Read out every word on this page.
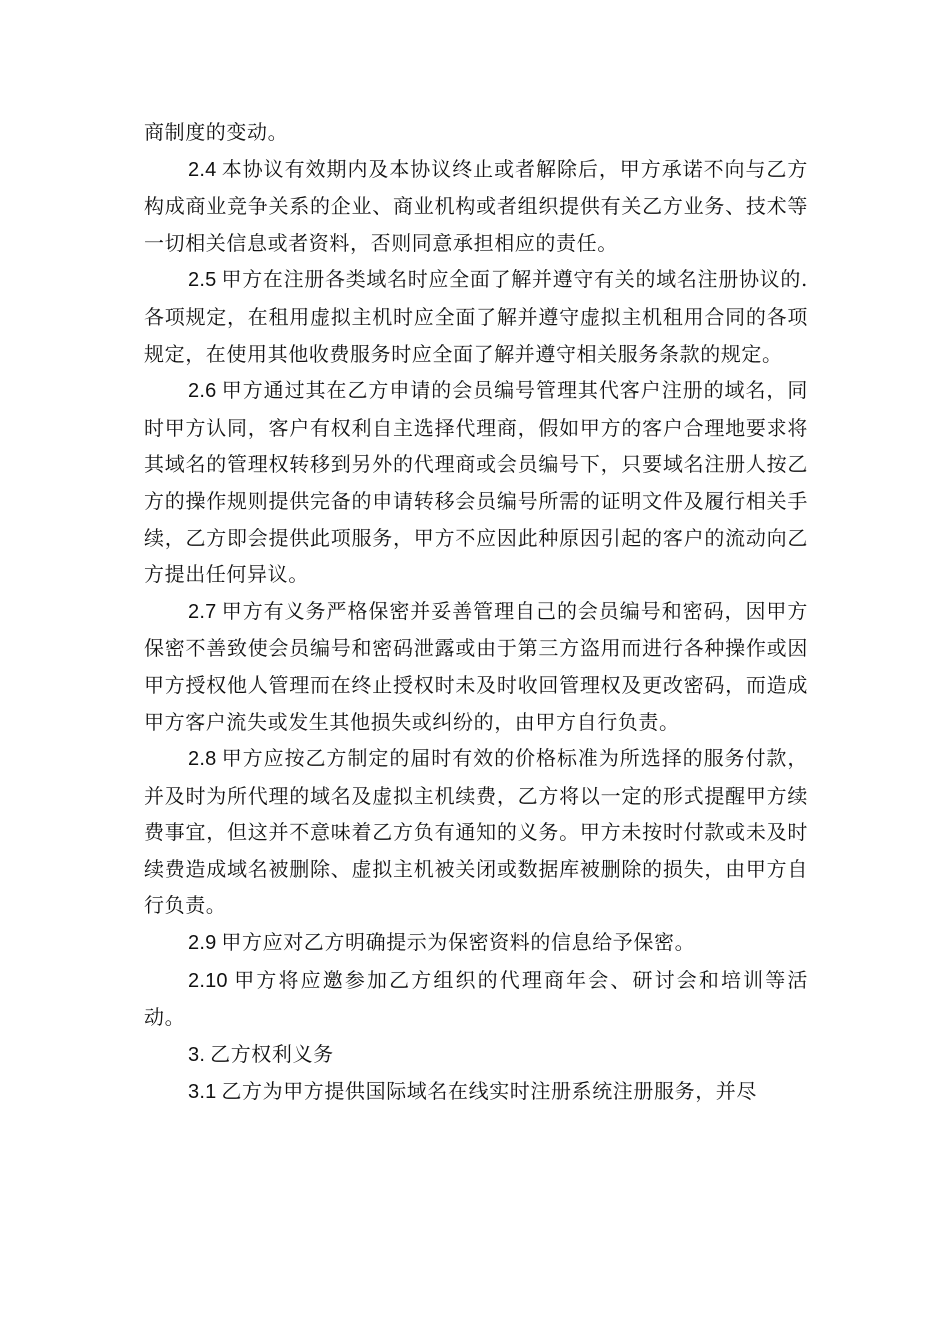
商制度的变动。

2.4 本协议有效期内及本协议终止或者解除后，甲方承诺不向与乙方构成商业竞争关系的企业、商业机构或者组织提供有关乙方业务、技术等一切相关信息或者资料，否则同意承担相应的责任。

2.5 甲方在注册各类域名时应全面了解并遵守有关的域名注册协议的.各项规定，在租用虚拟主机时应全面了解并遵守虚拟主机租用合同的各项规定，在使用其他收费服务时应全面了解并遵守相关服务条款的规定。

2.6 甲方通过其在乙方申请的会员编号管理其代客户注册的域名，同时甲方认同，客户有权利自主选择代理商，假如甲方的客户合理地要求将其域名的管理权转移到另外的代理商或会员编号下，只要域名注册人按乙方的操作规则提供完备的申请转移会员编号所需的证明文件及履行相关手续，乙方即会提供此项服务，甲方不应因此种原因引起的客户的流动向乙方提出任何异议。

2.7 甲方有义务严格保密并妥善管理自己的会员编号和密码，因甲方保密不善致使会员编号和密码泄露或由于第三方盗用而进行各种操作或因甲方授权他人管理而在终止授权时未及时收回管理权及更改密码，而造成甲方客户流失或发生其他损失或纠纷的，由甲方自行负责。

2.8 甲方应按乙方制定的届时有效的价格标准为所选择的服务付款，并及时为所代理的域名及虚拟主机续费，乙方将以一定的形式提醒甲方续费事宜，但这并不意味着乙方负有通知的义务。甲方未按时付款或未及时续费造成域名被删除、虚拟主机被关闭或数据库被删除的损失，由甲方自行负责。

2.9 甲方应对乙方明确提示为保密资料的信息给予保密。

2.10 甲方将应邀参加乙方组织的代理商年会、研讨会和培训等活动。

3. 乙方权利义务

3.1 乙方为甲方提供国际域名在线实时注册系统注册服务，并尽
